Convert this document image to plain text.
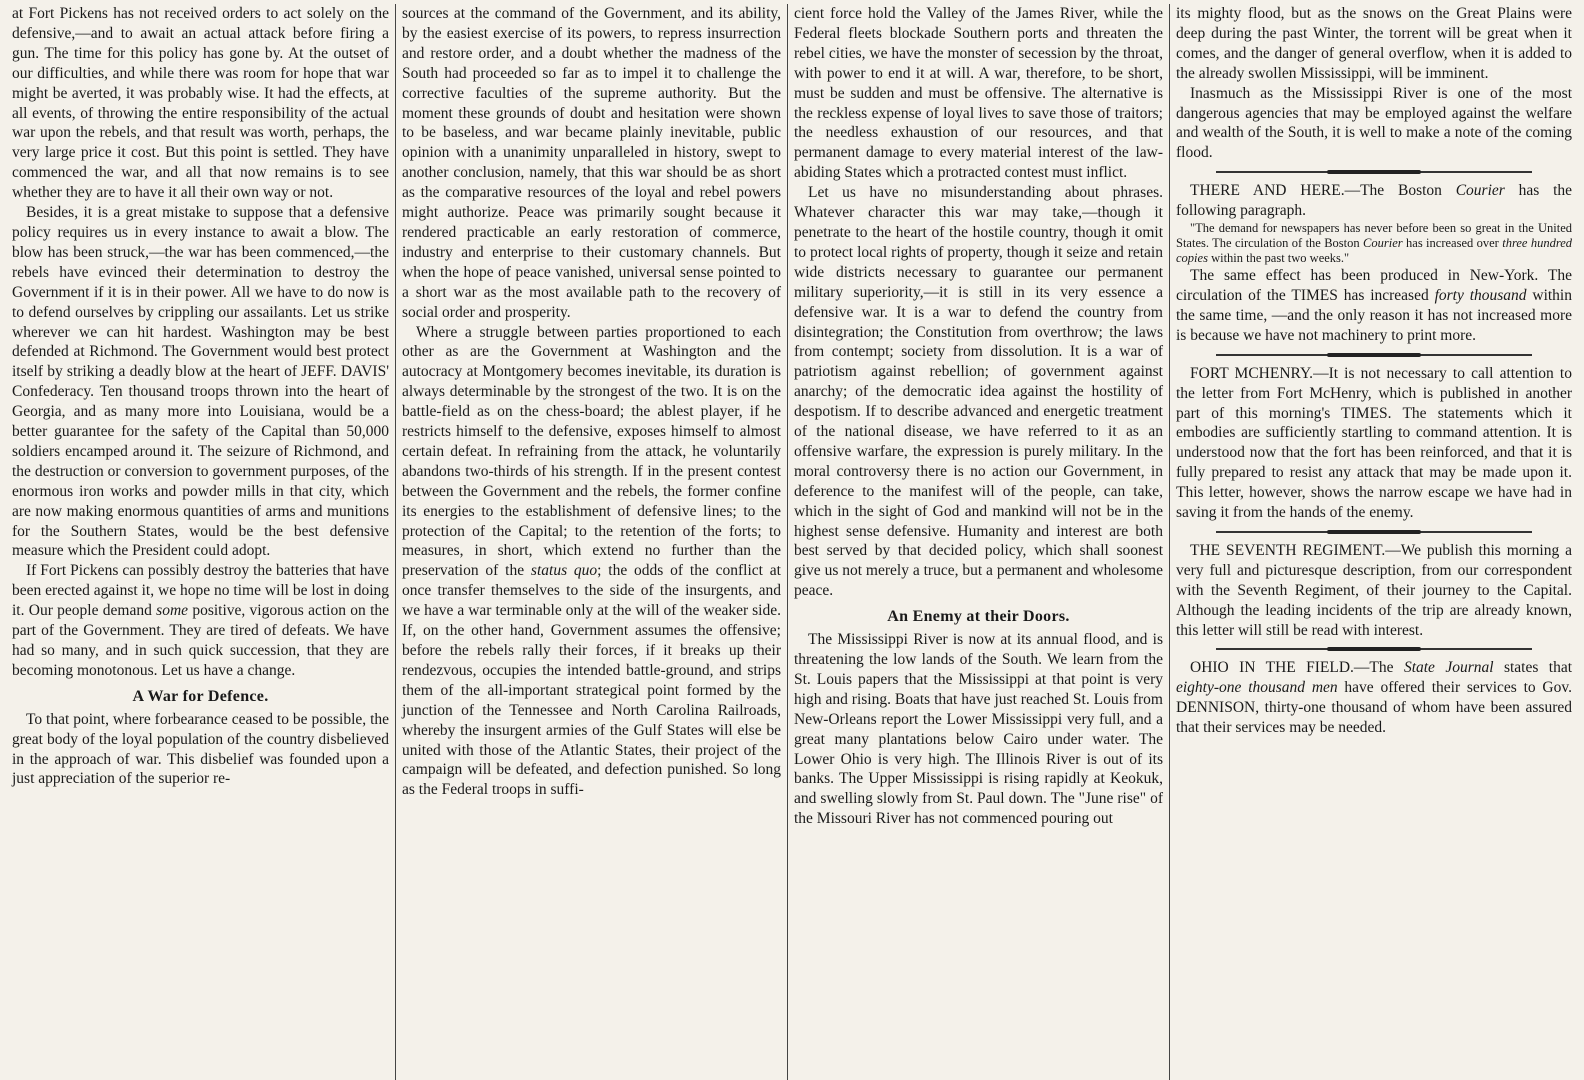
at Fort Pickens has not received orders to act solely on the defensive,—and to await an actual attack before firing a gun. The time for this policy has gone by. At the outset of our difficulties, and while there was room for hope that war might be averted, it was probably wise. It had the effects, at all events, of throwing the entire responsibility of the actual war upon the rebels, and that result was worth, perhaps, the very large price it cost. But this point is settled. They have commenced the war, and all that now remains is to see whether they are to have it all their own way or not.

Besides, it is a great mistake to suppose that a defensive policy requires us in every instance to await a blow. The blow has been struck,—the war has been commenced,—the rebels have evinced their determination to destroy the Government if it is in their power. All we have to do now is to defend ourselves by crippling our assailants. Let us strike wherever we can hit hardest. Washington may be best defended at Richmond. The Government would best protect itself by striking a deadly blow at the heart of JEFF. DAVIS' Confederacy. Ten thousand troops thrown into the heart of Georgia, and as many more into Louisiana, would be a better guarantee for the safety of the Capital than 50,000 soldiers encamped around it. The seizure of Richmond, and the destruction or conversion to government purposes, of the enormous iron works and powder mills in that city, which are now making enormous quantities of arms and munitions for the Southern States, would be the best defensive measure which the President could adopt.

If Fort Pickens can possibly destroy the batteries that have been erected against it, we hope no time will be lost in doing it. Our people demand some positive, vigorous action on the part of the Government. They are tired of defeats. We have had so many, and in such quick succession, that they are becoming monotonous. Let us have a change.

A War for Defence.

To that point, where forbearance ceased to be possible, the great body of the loyal population of the country disbelieved in the approach of war. This disbelief was founded upon a just appreciation of the superior re-

sources at the command of the Government, and its ability, by the easiest exercise of its powers, to repress insurrection and restore order, and a doubt whether the madness of the South had proceeded so far as to impel it to challenge the corrective faculties of the supreme authority. But the moment these grounds of doubt and hesitation were shown to be baseless, and war became plainly inevitable, public opinion with a unanimity unparalleled in history, swept to another conclusion, namely, that this war should be as short as the comparative resources of the loyal and rebel powers might authorize. Peace was primarily sought because it rendered practicable an early restoration of commerce, industry and enterprise to their customary channels. But when the hope of peace vanished, universal sense pointed to a short war as the most available path to the recovery of social order and prosperity.

Where a struggle between parties proportioned to each other as are the Government at Washington and the autocracy at Montgomery becomes inevitable, its duration is always determinable by the strongest of the two. It is on the battle-field as on the chess-board; the ablest player, if he restricts himself to the defensive, exposes himself to almost certain defeat. In refraining from the attack, he voluntarily abandons two-thirds of his strength. If in the present contest between the Government and the rebels, the former confine its energies to the establishment of defensive lines; to the protection of the Capital; to the retention of the forts; to measures, in short, which extend no further than the preservation of the status quo; the odds of the conflict at once transfer themselves to the side of the insurgents, and we have a war terminable only at the will of the weaker side. If, on the other hand, Government assumes the offensive; before the rebels rally their forces, if it breaks up their rendezvous, occupies the intended battle-ground, and strips them of the all-important strategical point formed by the junction of the Tennessee and North Carolina Railroads, whereby the insurgent armies of the Gulf States will else be united with those of the Atlantic States, their project of the campaign will be defeated, and defection punished. So long as the Federal troops in suffi-

cient force hold the Valley of the James River, while the Federal fleets blockade Southern ports and threaten the rebel cities, we have the monster of secession by the throat, with power to end it at will. A war, therefore, to be short, must be sudden and must be offensive. The alternative is the reckless expense of loyal lives to save those of traitors; the needless exhaustion of our resources, and that permanent damage to every material interest of the law-abiding States which a protracted contest must inflict.

Let us have no misunderstanding about phrases. Whatever character this war may take,—though it penetrate to the heart of the hostile country, though it omit to protect local rights of property, though it seize and retain wide districts necessary to guarantee our permanent military superiority,—it is still in its very essence a defensive war. It is a war to defend the country from disintegration; the Constitution from overthrow; the laws from contempt; society from dissolution. It is a war of patriotism against rebellion; of government against anarchy; of the democratic idea against the hostility of despotism. If to describe advanced and energetic treatment of the national disease, we have referred to it as an offensive warfare, the expression is purely military. In the moral controversy there is no action our Government, in deference to the manifest will of the people, can take, which in the sight of God and mankind will not be in the highest sense defensive. Humanity and interest are both best served by that decided policy, which shall soonest give us not merely a truce, but a permanent and wholesome peace.

An Enemy at their Doors.

The Mississippi River is now at its annual flood, and is threatening the low lands of the South. We learn from the St. Louis papers that the Mississippi at that point is very high and rising. Boats that have just reached St. Louis from New-Orleans report the Lower Mississippi very full, and a great many plantations below Cairo under water. The Lower Ohio is very high. The Illinois River is out of its banks. The Upper Mississippi is rising rapidly at Keokuk, and swelling slowly from St. Paul down. The "June rise" of the Missouri River has not commenced pouring out

its mighty flood, but as the snows on the Great Plains were deep during the past Winter, the torrent will be great when it comes, and the danger of general overflow, when it is added to the already swollen Mississippi, will be imminent.

Inasmuch as the Mississippi River is one of the most dangerous agencies that may be employed against the welfare and wealth of the South, it is well to make a note of the coming flood.

THERE AND HERE.—The Boston Courier has the following paragraph.

"The demand for newspapers has never before been so great in the United States. The circulation of the Boston Courier has increased over three hundred copies within the past two weeks."

The same effect has been produced in New-York. The circulation of the TIMES has increased forty thousand within the same time, —and the only reason it has not increased more is because we have not machinery to print more.

FORT MCHENRY.—It is not necessary to call attention to the letter from Fort McHenry, which is published in another part of this morning's TIMES. The statements which it embodies are sufficiently startling to command attention. It is understood now that the fort has been reinforced, and that it is fully prepared to resist any attack that may be made upon it. This letter, however, shows the narrow escape we have had in saving it from the hands of the enemy.

THE SEVENTH REGIMENT.—We publish this morning a very full and picturesque description, from our correspondent with the Seventh Regiment, of their journey to the Capital. Although the leading incidents of the trip are already known, this letter will still be read with interest.

OHIO IN THE FIELD.—The State Journal states that eighty-one thousand men have offered their services to Gov. DENNISON, thirty-one thousand of whom have been assured that their services may be needed.
